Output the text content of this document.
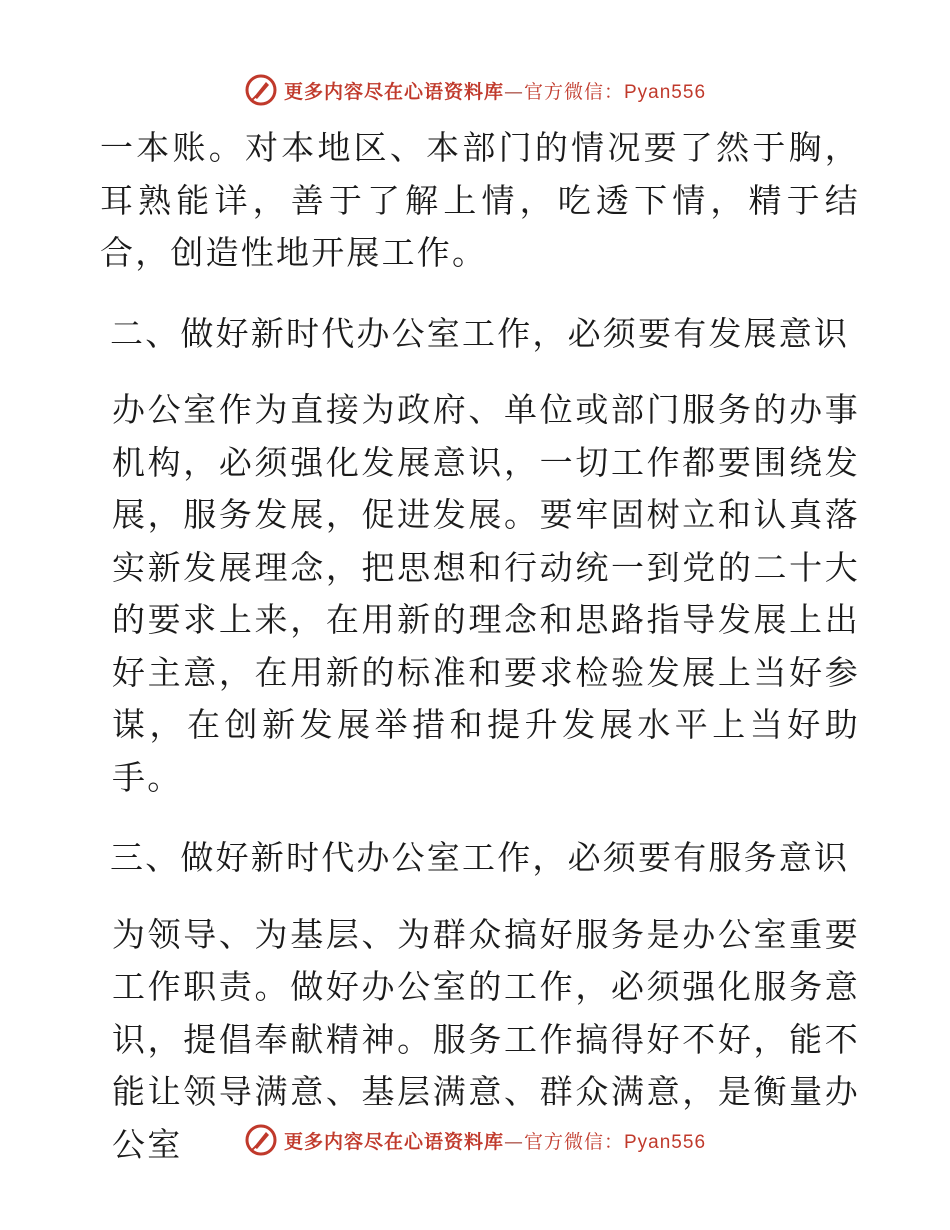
更多内容尽在心语资料库—官方微信：Pyan556

一本账。对本地区、本部门的情况要了然于胸，耳熟能详，善于了解上情，吃透下情，精于结合，创造性地开展工作。

二、做好新时代办公室工作，必须要有发展意识

办公室作为直接为政府、单位或部门服务的办事机构，必须强化发展意识，一切工作都要围绕发展，服务发展，促进发展。要牢固树立和认真落实新发展理念，把思想和行动统一到党的二十大的要求上来，在用新的理念和思路指导发展上出好主意，在用新的标准和要求检验发展上当好参谋，在创新发展举措和提升发展水平上当好助手。

三、做好新时代办公室工作，必须要有服务意识

为领导、为基层、为群众搞好服务是办公室重要工作职责。做好办公室的工作，必须强化服务意识，提倡奉献精神。服务工作搞得好不好，能不能让领导满意、基层满意、群众满意，是衡量办公室	更多内容尽在心语资料库—官方微信：Pyan556
